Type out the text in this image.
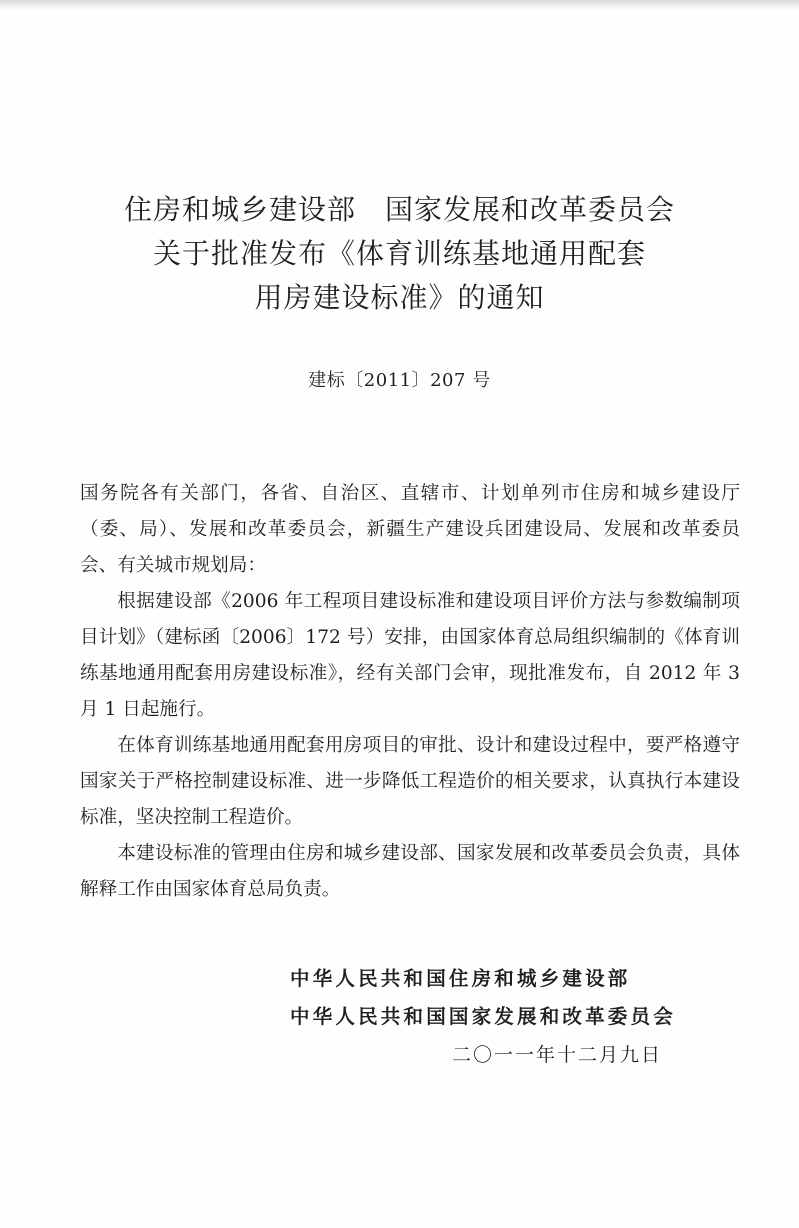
住房和城乡建设部　国家发展和改革委员会
关于批准发布《体育训练基地通用配套
用房建设标准》的通知
建标〔2011〕207 号

国务院各有关部门，各省、自治区、直辖市、计划单列市住房和城乡建设厅（委、局）、发展和改革委员会，新疆生产建设兵团建设局、发展和改革委员会、有关城市规划局：

根据建设部《2006 年工程项目建设标准和建设项目评价方法与参数编制项目计划》（建标函〔2006〕172 号）安排，由国家体育总局组织编制的《体育训练基地通用配套用房建设标准》，经有关部门会审，现批准发布，自 2012 年 3 月 1 日起施行。

在体育训练基地通用配套用房项目的审批、设计和建设过程中，要严格遵守国家关于严格控制建设标准、进一步降低工程造价的相关要求，认真执行本建设标准，坚决控制工程造价。

本建设标准的管理由住房和城乡建设部、国家发展和改革委员会负责，具体解释工作由国家体育总局负责。

中华人民共和国住房和城乡建设部
中华人民共和国国家发展和改革委员会
二〇一一年十二月九日
